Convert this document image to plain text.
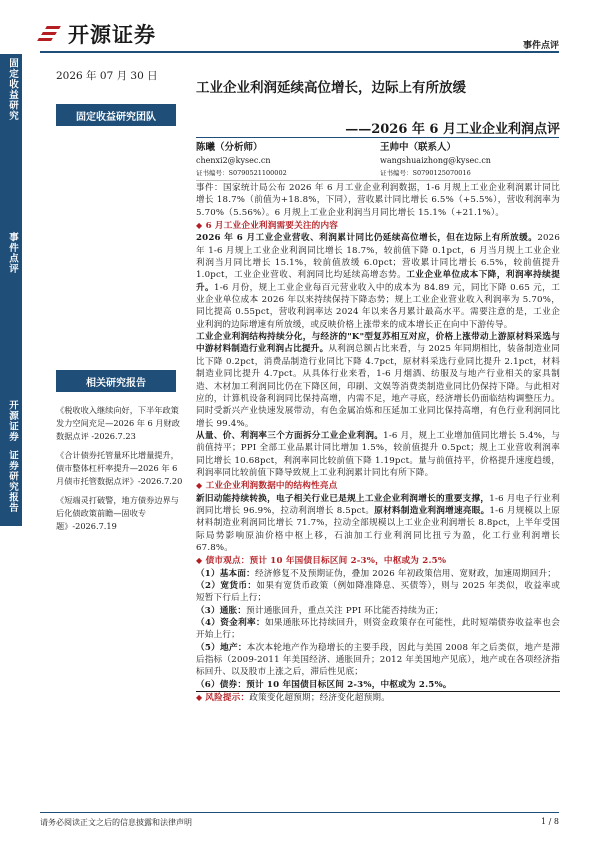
开源证券	事件点评
固定收益研究
事件点评
开源证券
证券研究报告
2026 年 07 月 30 日
固定收益研究团队
相关研究报告

《税收收入继续向好，下半年政策发力空间充足—2026 年 6 月财政数据点评 -2026.7.23

《合计债券托管量环比增量提升，债市整体杠杆率提升—2026 年 6 月债市托管数据点评》-2026.7.20

《短端灵打破警，地方债券边界与后化债政策前瞻—固收专题》-2026.7.19

工业企业利润延续高位增长，边际上有所放缓
——2026 年 6 月工业企业利润点评
陈曦（分析师）
chenxi2@kysec.cn
证书编号：S0790521100002
王帅中（联系人）
wangshuaizhong@kysec.cn
证书编号：S0790125070016

事件：国家统计局公布 2026 年 6 月工业企业利润数据，1-6 月规上工业企业利润累计同比增长 18.7%（前值为+18.8%，下同），营收累计同比增长 6.5%（+5.5%），营收利润率为 5.70%（5.56%）。6 月规上工业企业利润当月同比增长 15.1%（+21.1%）。

◆ 6 月工业企业利润需要关注的内容

2026 年 6 月工业企业营收、利润累计同比仍延续高位增长，但在边际上有所放缓。2026 年 1-6 月规上工业企业利润同比增长 18.7%，较前值下降 0.1pct，6 月当月规上工业企业利润当月同比增长 15.1%，较前值放缓 6.0pct；营收累计同比增长 6.5%，较前值提升 1.0pct，工业企业营收、利润同比均延续高增态势。工业企业单位成本下降，利润率持续提升。1-6 月份，规上工业企业每百元营业收入中的成本为 84.89 元，同比下降 0.65 元，工业企业单位成本 2026 年以来持续保持下降态势；规上工业企业营业收入利润率为 5.70%，同比提高 0.55pct，营收利润率达 2024 年以来各月累计最高水平。需要注意的是，工业企业利润的边际增速有所放缓，或反映价格上涨带来的成本增长正在向中下游传导。

工业企业利润结构持续分化，与经济的"K"型复苏相互对应，价格上涨带动上游原材料采选与中游材料制造行业利润占比提升。从利润总额占比来看，与 2025 年同期相比，装备制造业同比下降 0.2pct，消费品制造行业同比下降 4.7pct，原材料采选行业同比提升 2.1pct，材料制造业同比提升 4.7pct。从具体行业来看，1-6 月烟酒、纺服及与地产行业相关的家具制造、木材加工利润同比仍在下降区间，印刷、文娱等消费类制造业同比仍保持下降。与此相对应的，计算机设备利润同比保持高增，内需不足，地产寻底，经济增长仍面临结构调整压力。同时受新兴产业快速发展带动，有色金属冶炼和压延加工业同比保持高增，有色行业利润同比增长 99.4%。

从量、价、利润率三个方面拆分工业企业利润。1-6 月，规上工业增加值同比增长 5.4%，与前值持平；PPI 全部工业品累计同比增加 1.5%，较前值提升 0.5pct；规上工业营收利润率同比增长 10.68pct，利润率同比较前值下降 1.19pct。量与前值持平，价格提升速度趋缓，利润率同比较前值下降导致规上工业利润累计同比有所下降。

◆ 工业企业利润数据中的结构性亮点

新旧动能持续转换，电子相关行业已是规上工业企业利润增长的重要支撑，1-6 月电子行业利润同比增长 96.9%，拉动利润增长 8.5pct。原材料制造业利润增速亮眼。1-6 月规模以上原材料制造业利润同比增长 71.7%，拉动全部规模以上工业企业利润增长 8.8pct，上半年受国际局势影响原油价格中枢上移，石油加工行业利润同比扭亏为盈，化工行业利润增长 67.8%。

◆ 债市观点：预计 10 年国债目标区间 2-3%，中枢或为 2.5%

（1）基本面：经济修复不及预期证伪，叠加 2026 年初政策信用、宽财政，加速周期回升；

（2）宽货币：如果有宽货币政策（例如降准降息、买债等），则与 2025 年类似，收益率或短暂下行后上行；

（3）通胀：预计通胀回升，重点关注 PPI 环比能否持续为正；

（4）资金利率：如果通胀环比持续回升，则资金政策存在可能性，此时短端债券收益率也会开始上行；

（5）地产：本次本轮地产作为稳增长的主要手段，因此与美国 2008 年之后类似，地产是滞后指标（2009-2011 年美国经济、通胀回升；2012 年美国地产见底），地产或在各项经济指标回升、以及股市上涨之后，滞后性见底；

（6）债券：预计 10 年国债目标区间 2-3%，中枢或为 2.5%。

◆ 风险提示：政策变化超预期；经济变化超预期。

请务必阅读正文之后的信息披露和法律声明	1 / 8
